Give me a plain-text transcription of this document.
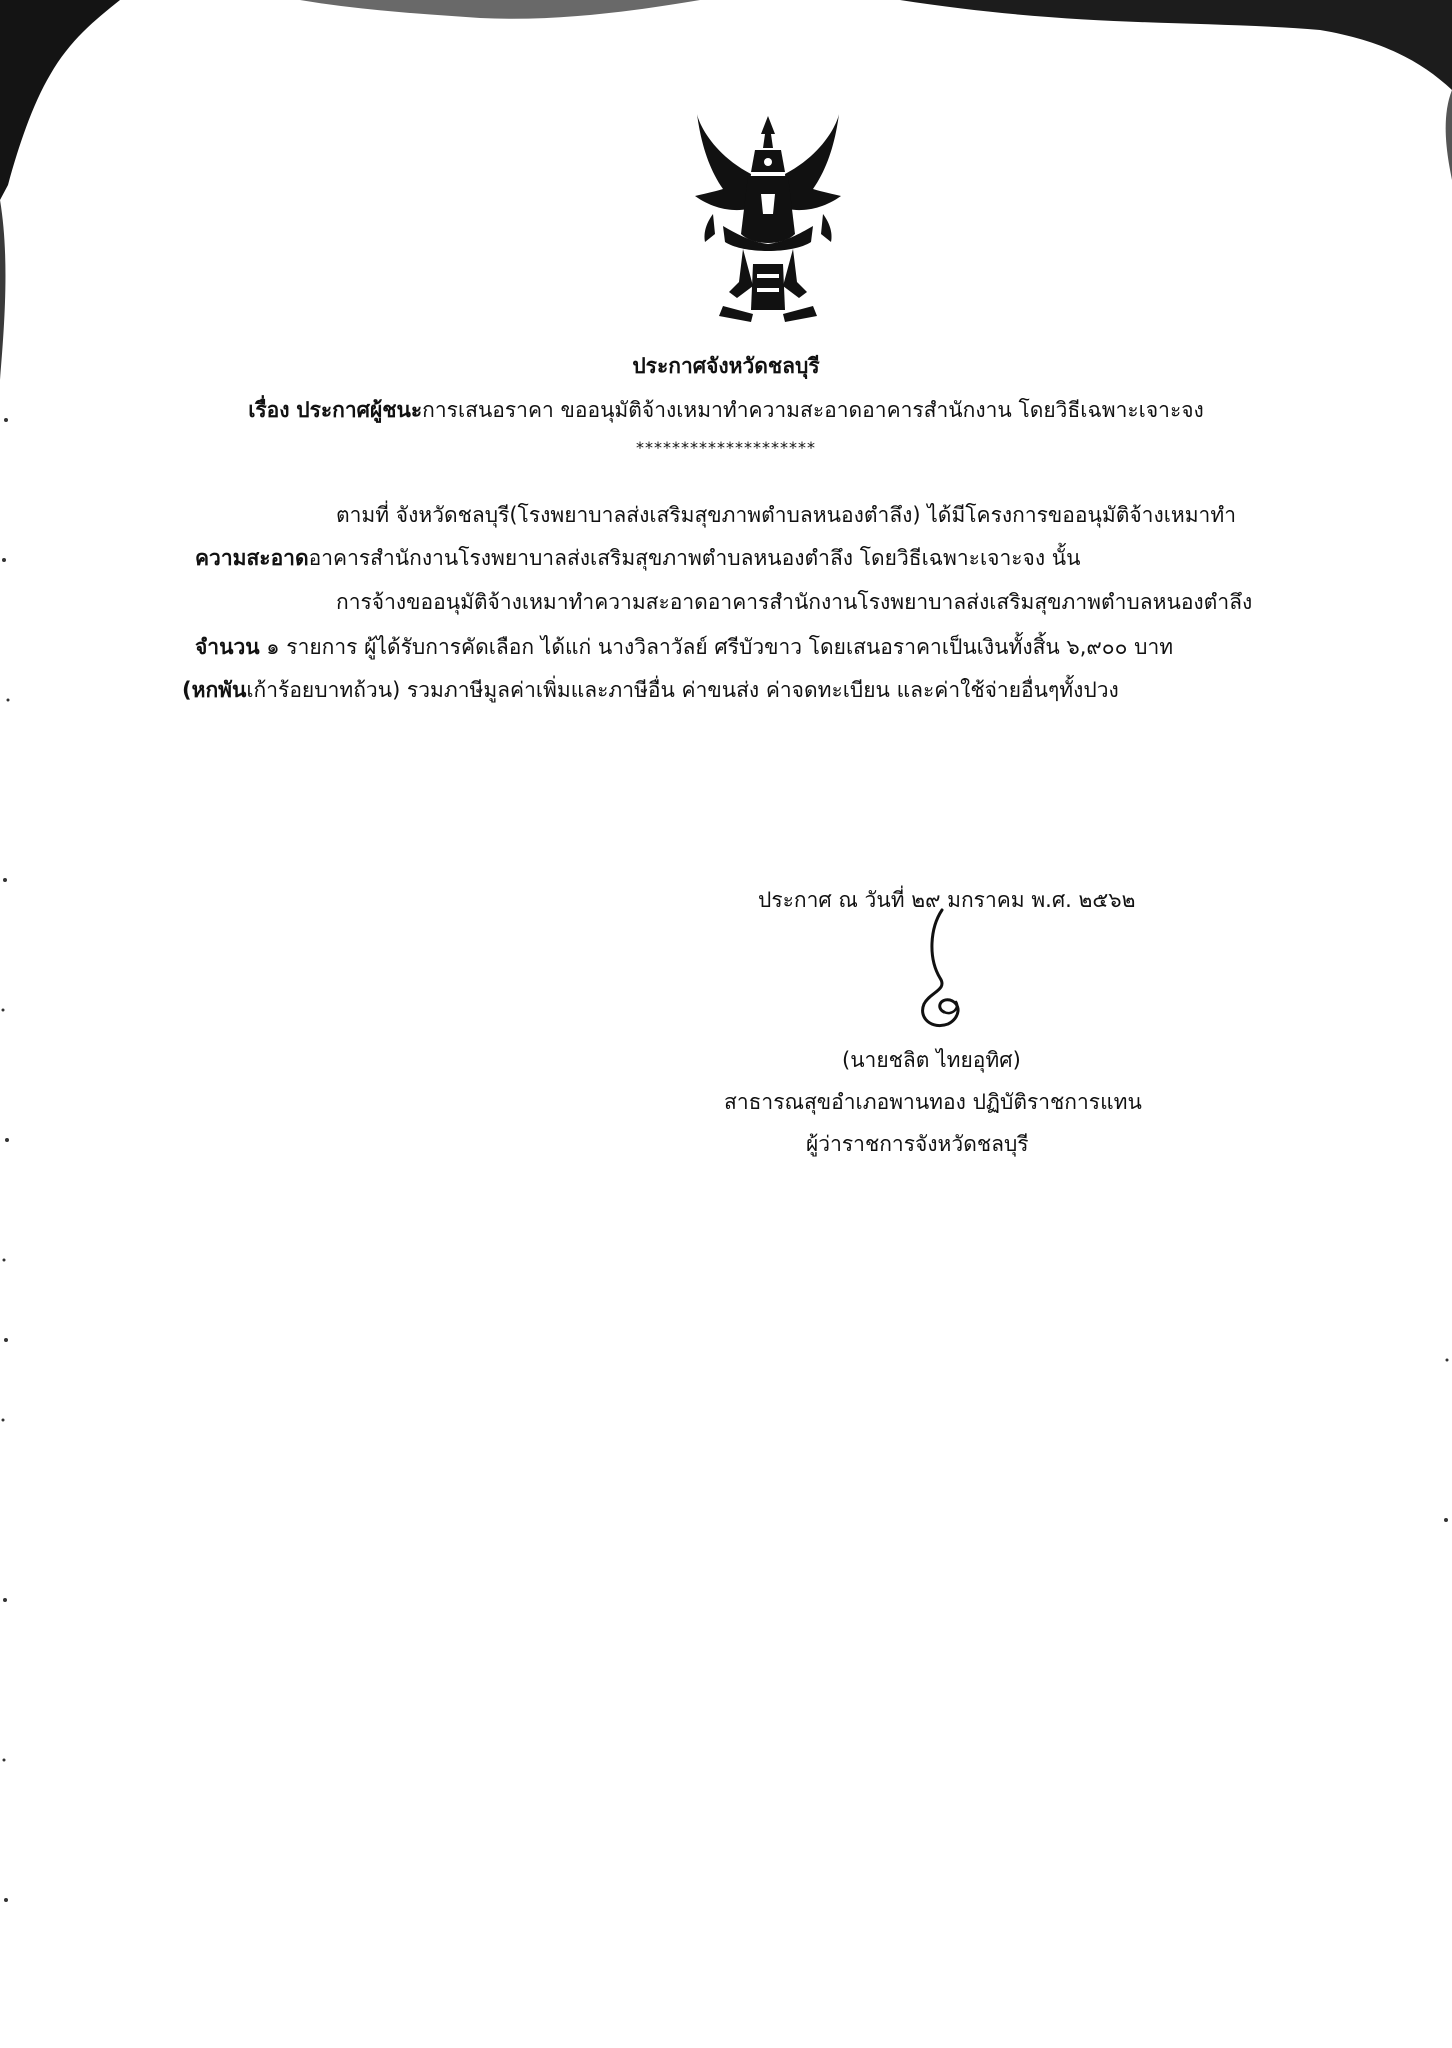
ประกาศจังหวัดชลบุรี
เรื่อง ประกาศผู้ชนะการเสนอราคา ขออนุมัติจ้างเหมาทำความสะอาดอาคารสำนักงาน โดยวิธีเฉพาะเจาะจง
********************
ตามที่ จังหวัดชลบุรี(โรงพยาบาลส่งเสริมสุขภาพตำบลหนองตำลึง) ได้มีโครงการขออนุมัติจ้างเหมาทำ
ความสะอาดอาคารสำนักงานโรงพยาบาลส่งเสริมสุขภาพตำบลหนองตำลึง โดยวิธีเฉพาะเจาะจง นั้น
การจ้างขออนุมัติจ้างเหมาทำความสะอาดอาคารสำนักงานโรงพยาบาลส่งเสริมสุขภาพตำบลหนองตำลึง
จำนวน ๑ รายการ ผู้ได้รับการคัดเลือก ได้แก่ นางวิลาวัลย์ ศรีบัวขาว โดยเสนอราคาเป็นเงินทั้งสิ้น ๖,๙๐๐ บาท
(หกพันเก้าร้อยบาทถ้วน) รวมภาษีมูลค่าเพิ่มและภาษีอื่น ค่าขนส่ง ค่าจดทะเบียน และค่าใช้จ่ายอื่นๆทั้งปวง
ประกาศ ณ วันที่ ๒๙ มกราคม พ.ศ. ๒๕๖๒
(นายชลิต ไทยอุทิศ)
สาธารณสุขอำเภอพานทอง ปฏิบัติราชการแทน
ผู้ว่าราชการจังหวัดชลบุรี
